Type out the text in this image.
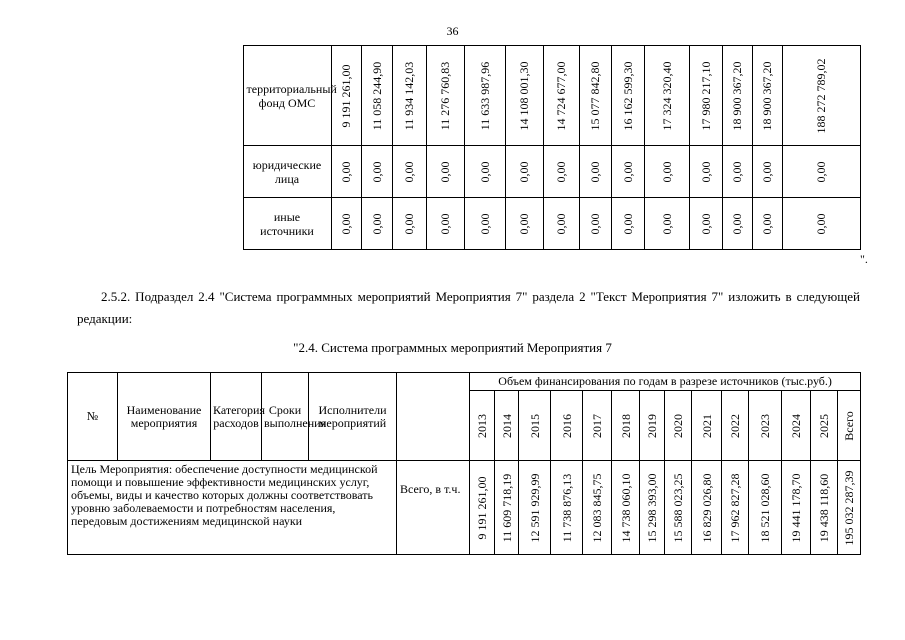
36
	территориальный фонд ОМС	9 191 261,00	11 058 244,90	11 934 142,03	11 276 760,83	11 633 987,96	14 108 001,30	14 724 677,00	15 077 842,80	16 162 599,30	17 324 320,40	17 980 217,10	18 900 367,20	18 900 367,20	188 272 789,02

	юридические лица	0,00	0,00	0,00	0,00	0,00	0,00	0,00	0,00	0,00	0,00	0,00	0,00	0,00	0,00

	иные источники	0,00	0,00	0,00	0,00	0,00	0,00	0,00	0,00	0,00	0,00	0,00	0,00	0,00	0,00
".
2.5.2. Подраздел 2.4 "Система программных мероприятий Мероприятия 7" раздела 2 "Текст Мероприятия 7" изложить в следующей редакции:
"2.4. Система программных мероприятий Мероприятия 7
№	Наименование мероприятия	Категория расходов	Сроки выполнения	Исполнители мероприятий		Объем финансирования по годам в разрезе источников (тыс.руб.)													

						2013	2014	2015	2016	2017	2018	2019	2020	2021	2022	2023	2024	2025	Всего

Цель Мероприятия: обеспечение доступности медицинской помощи и повышение эффективности медицинских услуг, объемы, виды и качество которых должны соответствовать уровню заболеваемости и потребностям населения, передовым достижениям медицинской науки					Всего, в т.ч.	9 191 261,00	11 609 718,19	12 591 929,99	11 738 876,13	12 083 845,75	14 738 060,10	15 298 393,00	15 588 023,25	16 829 026,80	17 962 827,28	18 521 028,60	19 441 178,70	19 438 118,60	195 032 287,39
